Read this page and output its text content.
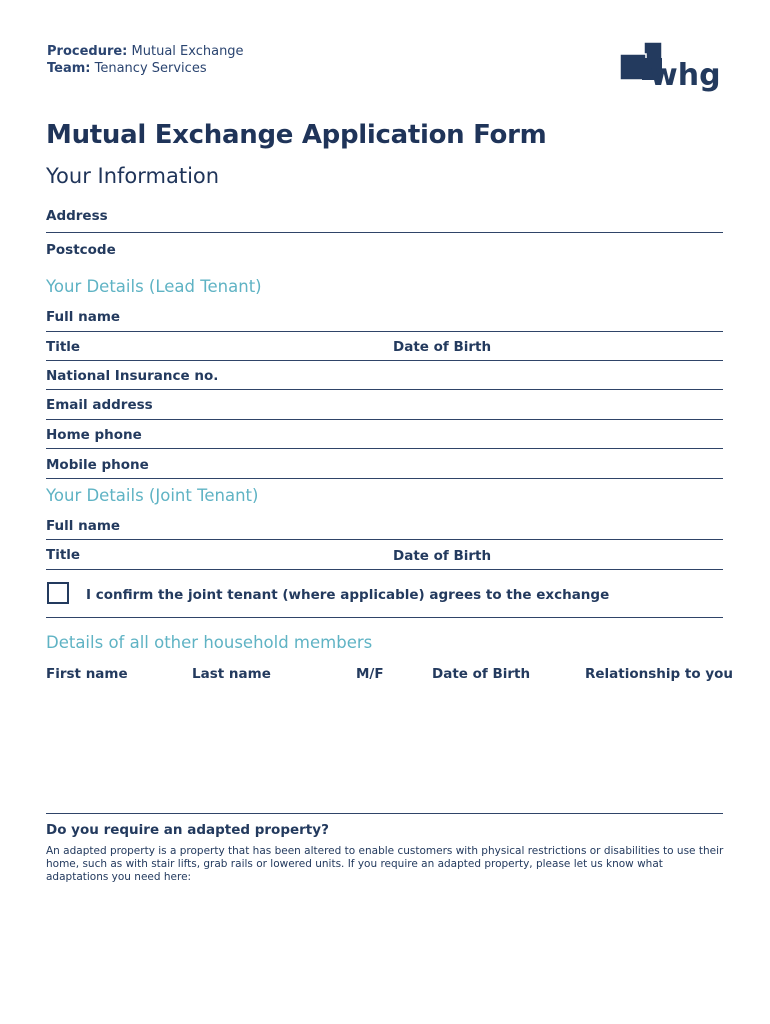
Procedure: Mutual Exchange
Team: Tenancy Services	whg
Mutual Exchange Application Form
Your Information
Address
Postcode
Your Details (Lead Tenant)
Full name
Title	Date of Birth
National Insurance no.
Email address
Home phone
Mobile phone
Your Details (Joint Tenant)
Full name
Title	Date of Birth
I confirm the joint tenant (where applicable) agrees to the exchange
Details of all other household members
First name	Last name	M/F	Date of Birth	Relationship to you
Do you require an adapted property?
An adapted property is a property that has been altered to enable customers with physical restrictions or disabilities to use their home, such as with stair lifts, grab rails or lowered units. If you require an adapted property, please let us know what adaptations you need here:
